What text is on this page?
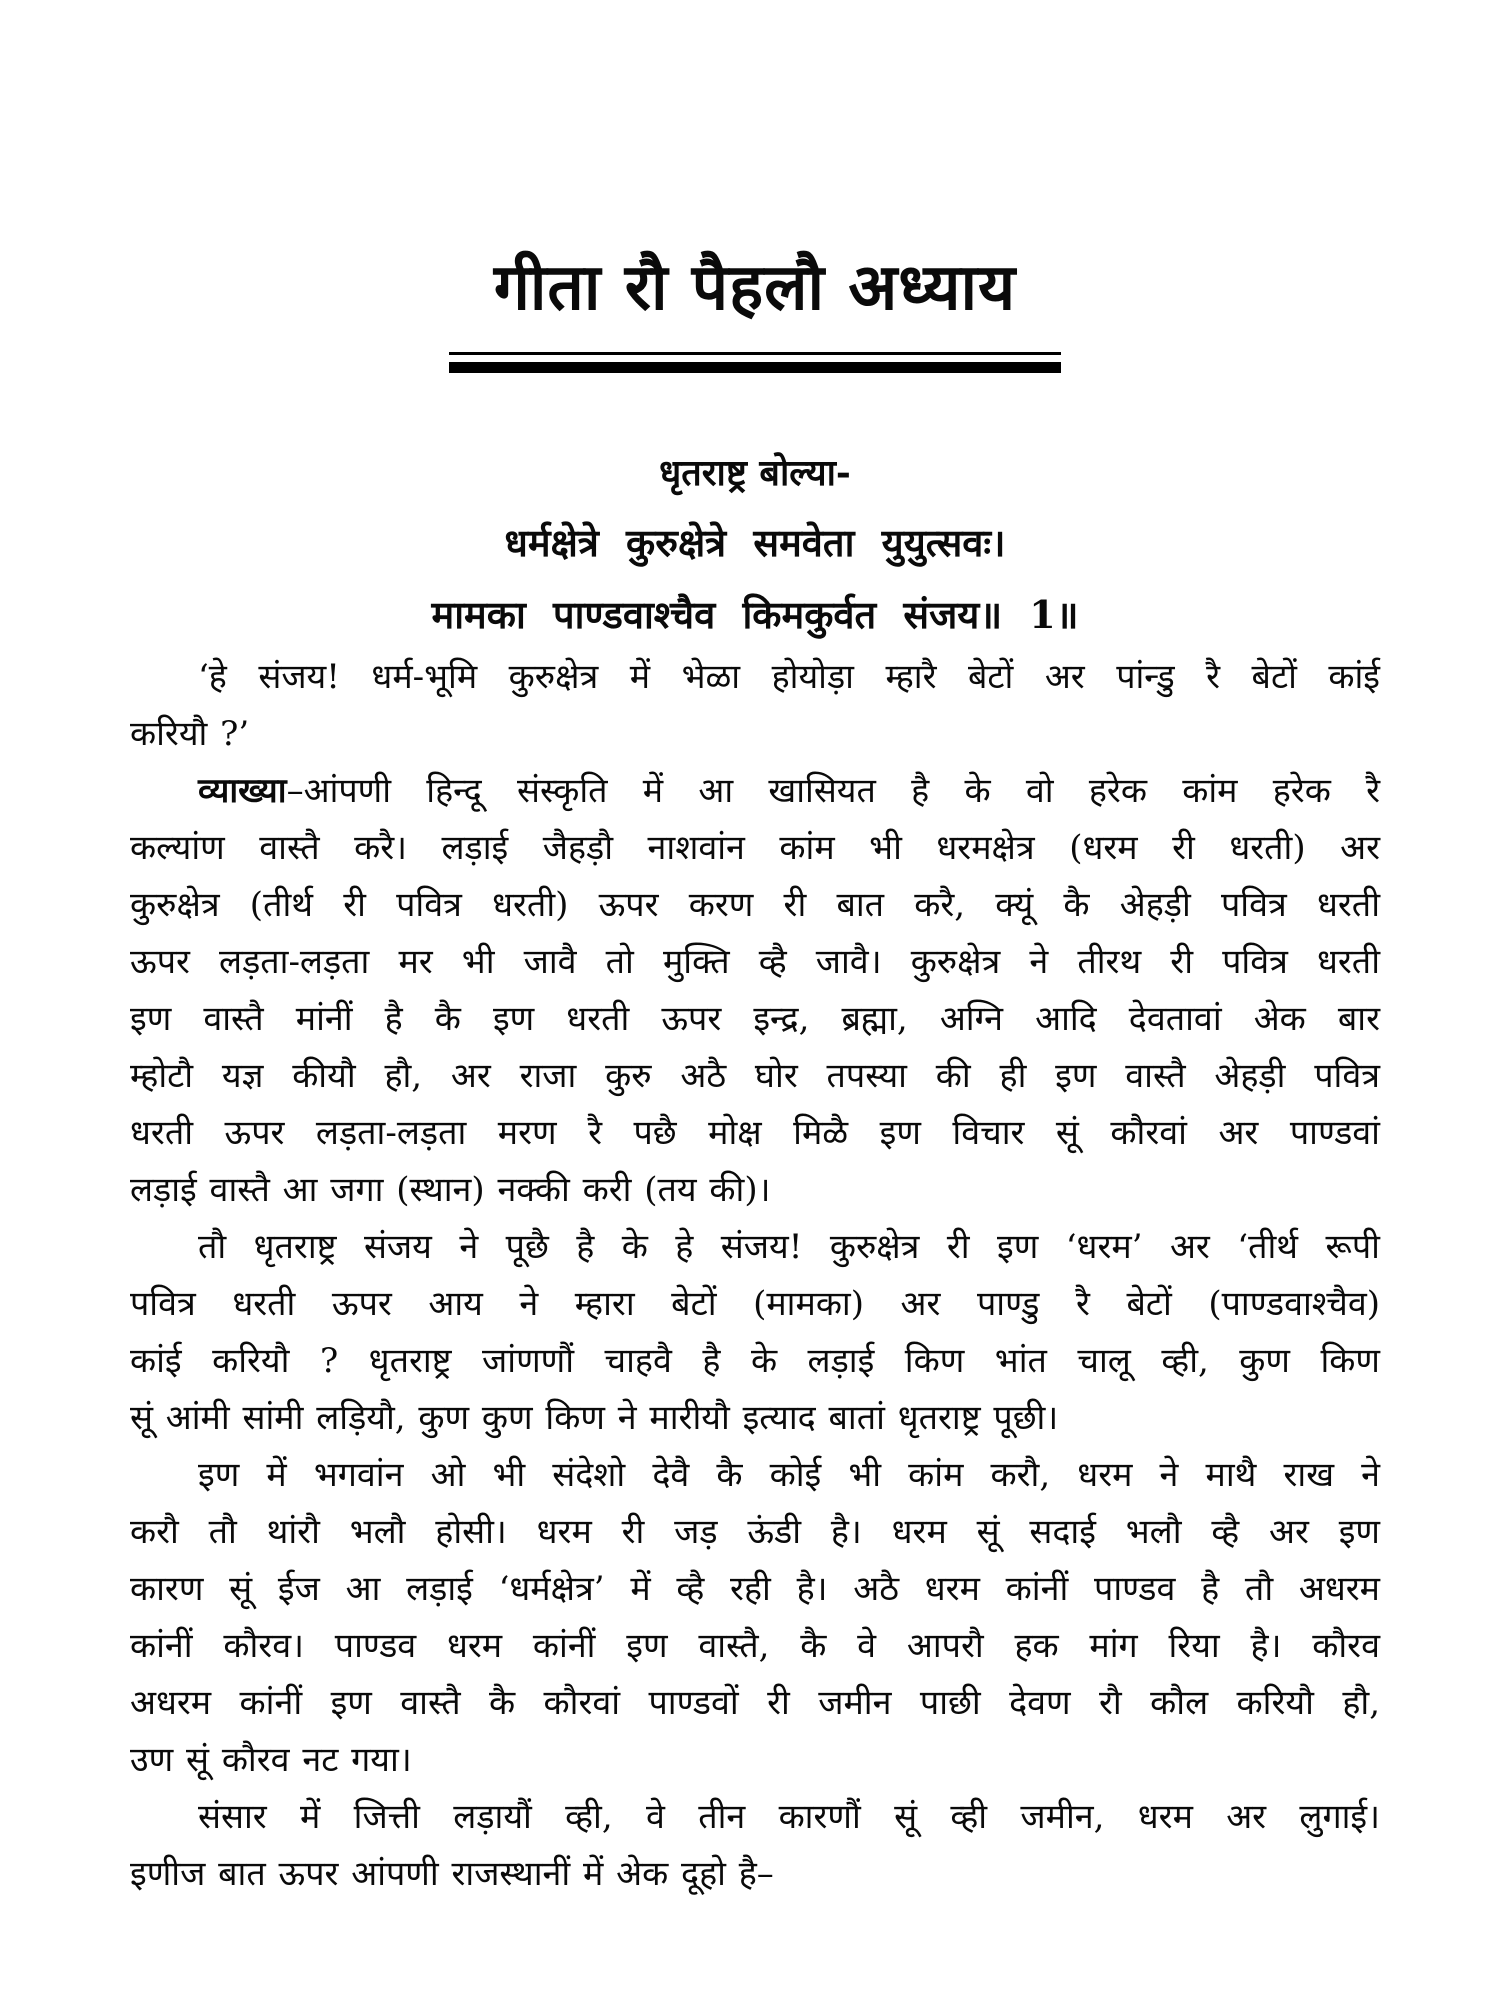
गीता रौ पैहलौ अध्याय
धृतराष्ट्र बोल्या-
धर्मक्षेत्रे कुरुक्षेत्रे समवेता युयुत्सवः।
मामका पाण्डवाश्चैव किमकुर्वत संजय॥ 1॥
‘हे संजय! धर्म-भूमि कुरुक्षेत्र में भेळा होयोड़ा म्हारै बेटों अर पांन्डु रै बेटों कांई
करियौ ?’
व्याख्या–आंपणी हिन्दू संस्कृति में आ खासियत है के वो हरेक कांम हरेक रै
कल्यांण वास्तै करै। लड़ाई जैहड़ौ नाशवांन कांम भी धरमक्षेत्र (धरम री धरती) अर
कुरुक्षेत्र (तीर्थ री पवित्र धरती) ऊपर करण री बात करै, क्यूं कै अेहड़ी पवित्र धरती
ऊपर लड़ता-लड़ता मर भी जावै तो मुक्ति व्है जावै। कुरुक्षेत्र ने तीरथ री पवित्र धरती
इण वास्तै मांनीं है कै इण धरती ऊपर इन्द्र, ब्रह्मा, अग्नि आदि देवतावां अेक बार
म्होटौ यज्ञ कीयौ हौ, अर राजा कुरु अठै घोर तपस्या की ही इण वास्तै अेहड़ी पवित्र
धरती ऊपर लड़ता-लड़ता मरण रै पछै मोक्ष मिळै इण विचार सूं कौरवां अर पाण्डवां
लड़ाई वास्तै आ जगा (स्थान) नक्की करी (तय की)।
तौ धृतराष्ट्र संजय ने पूछै है के हे संजय! कुरुक्षेत्र री इण ‘धरम’ अर ‘तीर्थ रूपी
पवित्र धरती ऊपर आय ने म्हारा बेटों (मामका) अर पाण्डु रै बेटों (पाण्डवाश्चैव)
कांई करियौ ? धृतराष्ट्र जांणणौं चाहवै है के लड़ाई किण भांत चालू व्ही, कुण किण
सूं आंमी सांमी लड़ियौ, कुण कुण किण ने मारीयौ इत्याद बातां धृतराष्ट्र पूछी।
इण में भगवांन ओ भी संदेशो देवै कै कोई भी कांम करौ, धरम ने माथै राख ने
करौ तौ थांरौ भलौ होसी। धरम री जड़ ऊंडी है। धरम सूं सदाई भलौ व्है अर इण
कारण सूं ईज आ लड़ाई ‘धर्मक्षेत्र’ में व्है रही है। अठै धरम कांनीं पाण्डव है तौ अधरम
कांनीं कौरव। पाण्डव धरम कांनीं इण वास्तै, कै वे आपरौ हक मांग रिया है। कौरव
अधरम कांनीं इण वास्तै कै कौरवां पाण्डवों री जमीन पाछी देवण रौ कौल करियौ हौ,
उण सूं कौरव नट गया।
संसार में जित्ती लड़ायौं व्ही, वे तीन कारणौं सूं व्ही जमीन, धरम अर लुगाई।
इणीज बात ऊपर आंपणी राजस्थानीं में अेक दूहो है–
